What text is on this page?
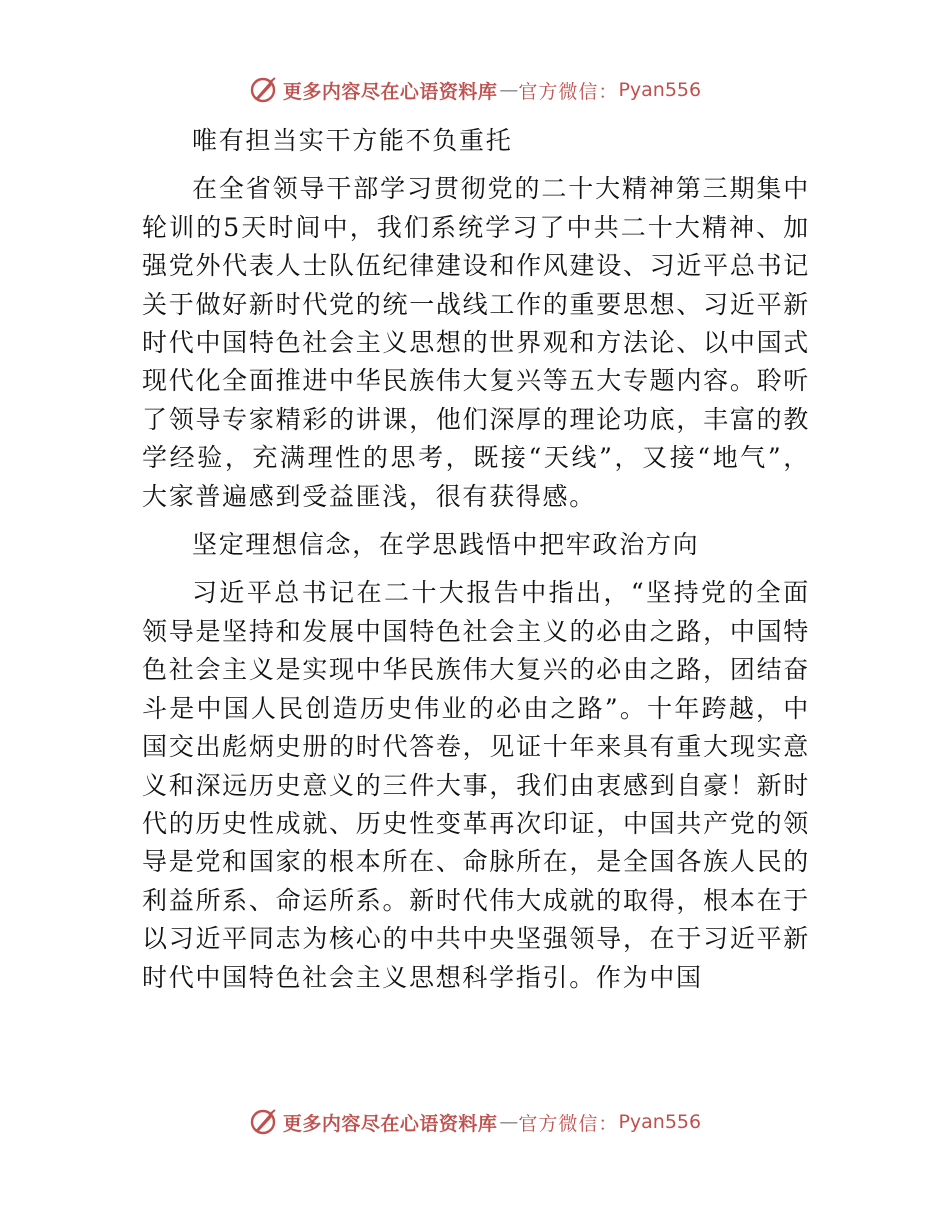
更多内容尽在心语资料库 — 官方微信： Pyan556

唯有担当实干方能不负重托

在全省领导干部学习贯彻党的二十大精神第三期集中轮训的5天时间中，我们系统学习了中共二十大精神、加强党外代表人士队伍纪律建设和作风建设、习近平总书记关于做好新时代党的统一战线工作的重要思想、习近平新时代中国特色社会主义思想的世界观和方法论、以中国式现代化全面推进中华民族伟大复兴等五大专题内容。聆听了领导专家精彩的讲课，他们深厚的理论功底，丰富的教学经验，充满理性的思考，既接“天线”，又接“地气”，大家普遍感到受益匪浅，很有获得感。

坚定理想信念，在学思践悟中把牢政治方向

习近平总书记在二十大报告中指出，“坚持党的全面领导是坚持和发展中国特色社会主义的必由之路，中国特色社会主义是实现中华民族伟大复兴的必由之路，团结奋斗是中国人民创造历史伟业的必由之路”。十年跨越，中国交出彪炳史册的时代答卷，见证十年来具有重大现实意义和深远历史意义的三件大事，我们由衷感到自豪！新时代的历史性成就、历史性变革再次印证，中国共产党的领导是党和国家的根本所在、命脉所在，是全国各族人民的利益所系、命运所系。新时代伟大成就的取得，根本在于以习近平同志为核心的中共中央坚强领导，在于习近平新时代中国特色社会主义思想科学指引。作为中国

更多内容尽在心语资料库 — 官方微信： Pyan556
